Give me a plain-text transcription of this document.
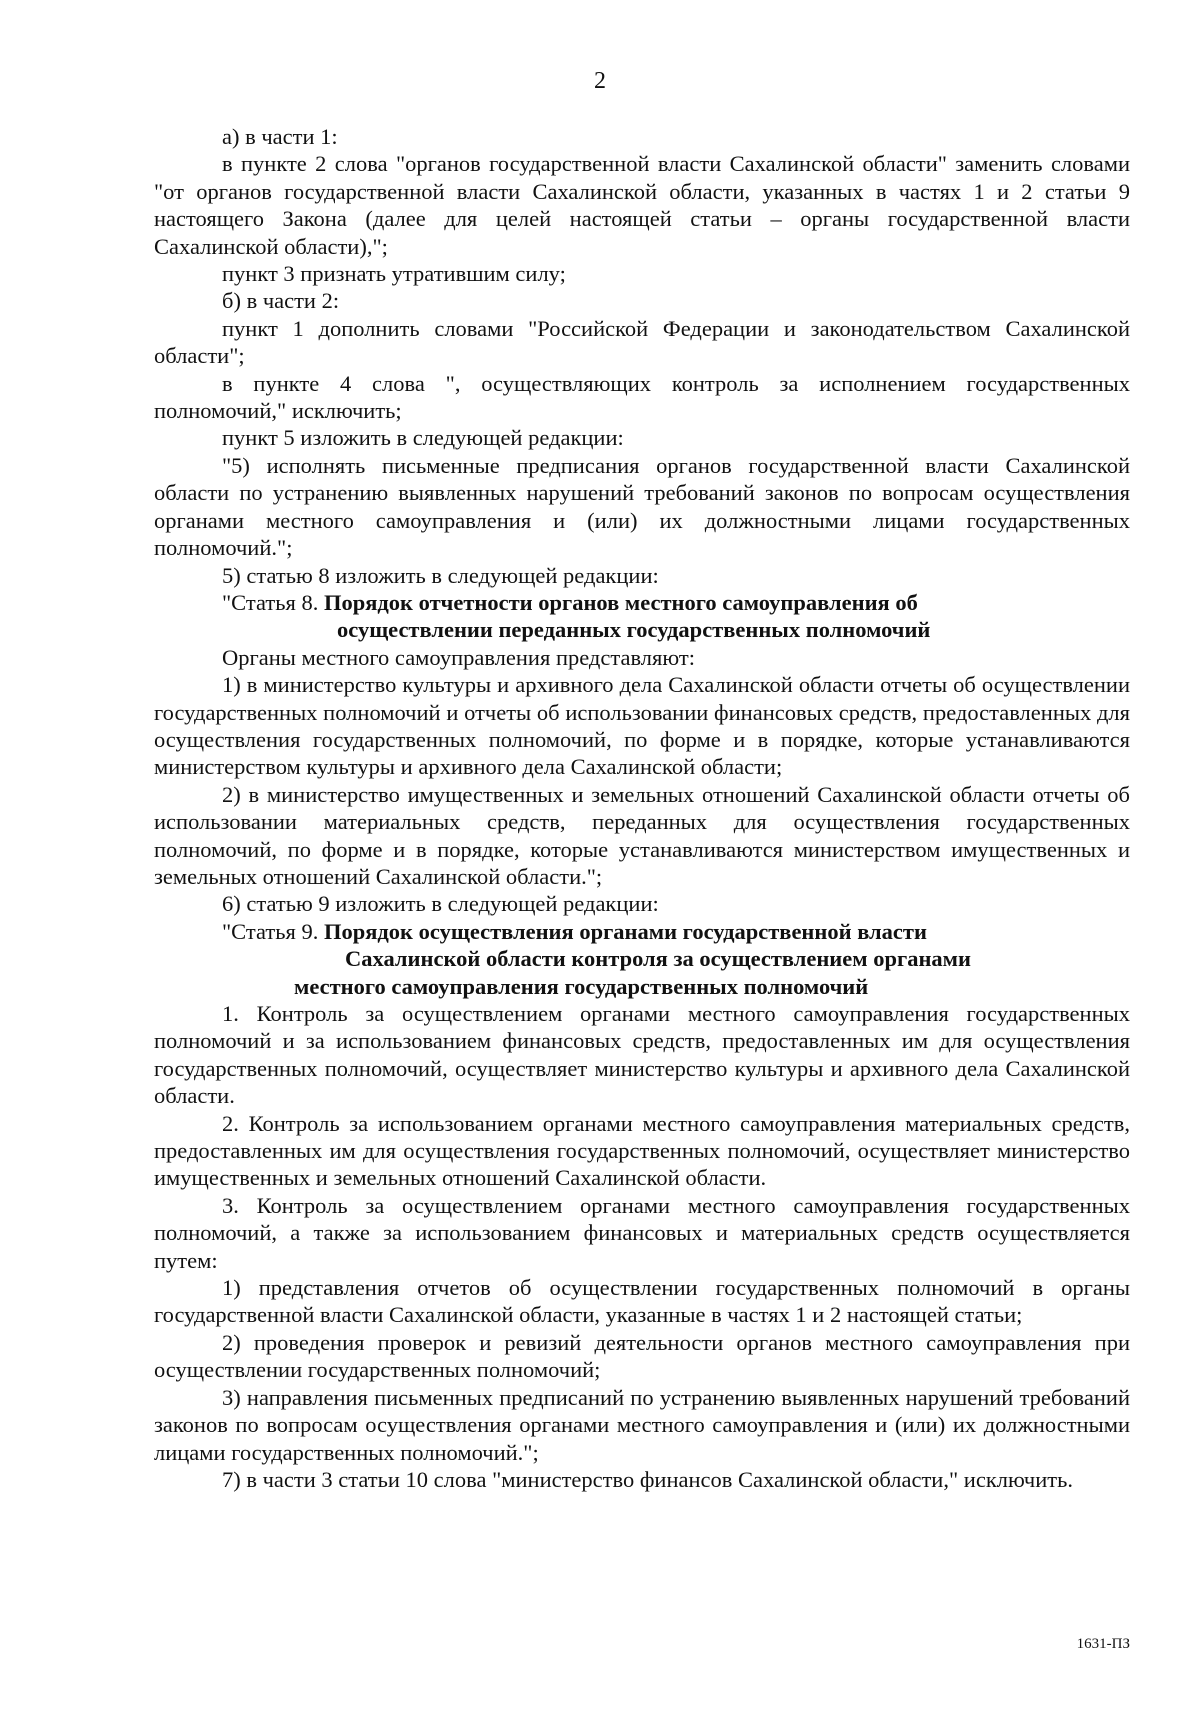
2

а) в части 1:

в пункте 2 слова "органов государственной власти Сахалинской области" заменить словами "от органов государственной власти Сахалинской области, указанных в частях 1 и 2 статьи 9 настоящего Закона (далее для целей настоящей статьи – органы государственной власти Сахалинской области),";

пункт 3 признать утратившим силу;

б) в части 2:

пункт 1 дополнить словами "Российской Федерации и законодательством Сахалинской области";

в пункте 4 слова ", осуществляющих контроль за исполнением государственных полномочий," исключить;

пункт 5 изложить в следующей редакции:

"5) исполнять письменные предписания органов государственной власти Сахалинской области по устранению выявленных нарушений требований законов по вопросам осуществления органами местного самоуправления и (или) их должностными лицами государственных полномочий.";

5) статью 8 изложить в следующей редакции:

"Статья 8. Порядок отчетности органов местного самоуправления об
осуществлении переданных государственных полномочий

Органы местного самоуправления представляют:

1) в министерство культуры и архивного дела Сахалинской области отчеты об осуществлении государственных полномочий и отчеты об использовании финансовых средств, предоставленных для осуществления государственных полномочий, по форме и в порядке, которые устанавливаются министерством культуры и архивного дела Сахалинской области;

2) в министерство имущественных и земельных отношений Сахалинской области отчеты об использовании материальных средств, переданных для осуществления государственных полномочий, по форме и в порядке, которые устанавливаются министерством имущественных и земельных отношений Сахалинской области.";

6) статью 9 изложить в следующей редакции:

"Статья 9. Порядок осуществления органами государственной власти
Сахалинской области контроля за осуществлением органами
местного самоуправления государственных полномочий

1. Контроль за осуществлением органами местного самоуправления государственных полномочий и за использованием финансовых средств, предоставленных им для осуществления государственных полномочий, осуществляет министерство культуры и архивного дела Сахалинской области.

2. Контроль за использованием органами местного самоуправления материальных средств, предоставленных им для осуществления государственных полномочий, осуществляет министерство имущественных и земельных отношений Сахалинской области.

3. Контроль за осуществлением органами местного самоуправления государственных полномочий, а также за использованием финансовых и материальных средств осуществляется путем:

1) представления отчетов об осуществлении государственных полномочий в органы государственной власти Сахалинской области, указанные в частях 1 и 2 настоящей статьи;

2) проведения проверок и ревизий деятельности органов местного самоуправления при осуществлении государственных полномочий;

3) направления письменных предписаний по устранению выявленных нарушений требований законов по вопросам осуществления органами местного самоуправления и (или) их должностными лицами государственных полномочий.";

7) в части 3 статьи 10 слова "министерство финансов Сахалинской области," исключить.

1631-ПЗ
